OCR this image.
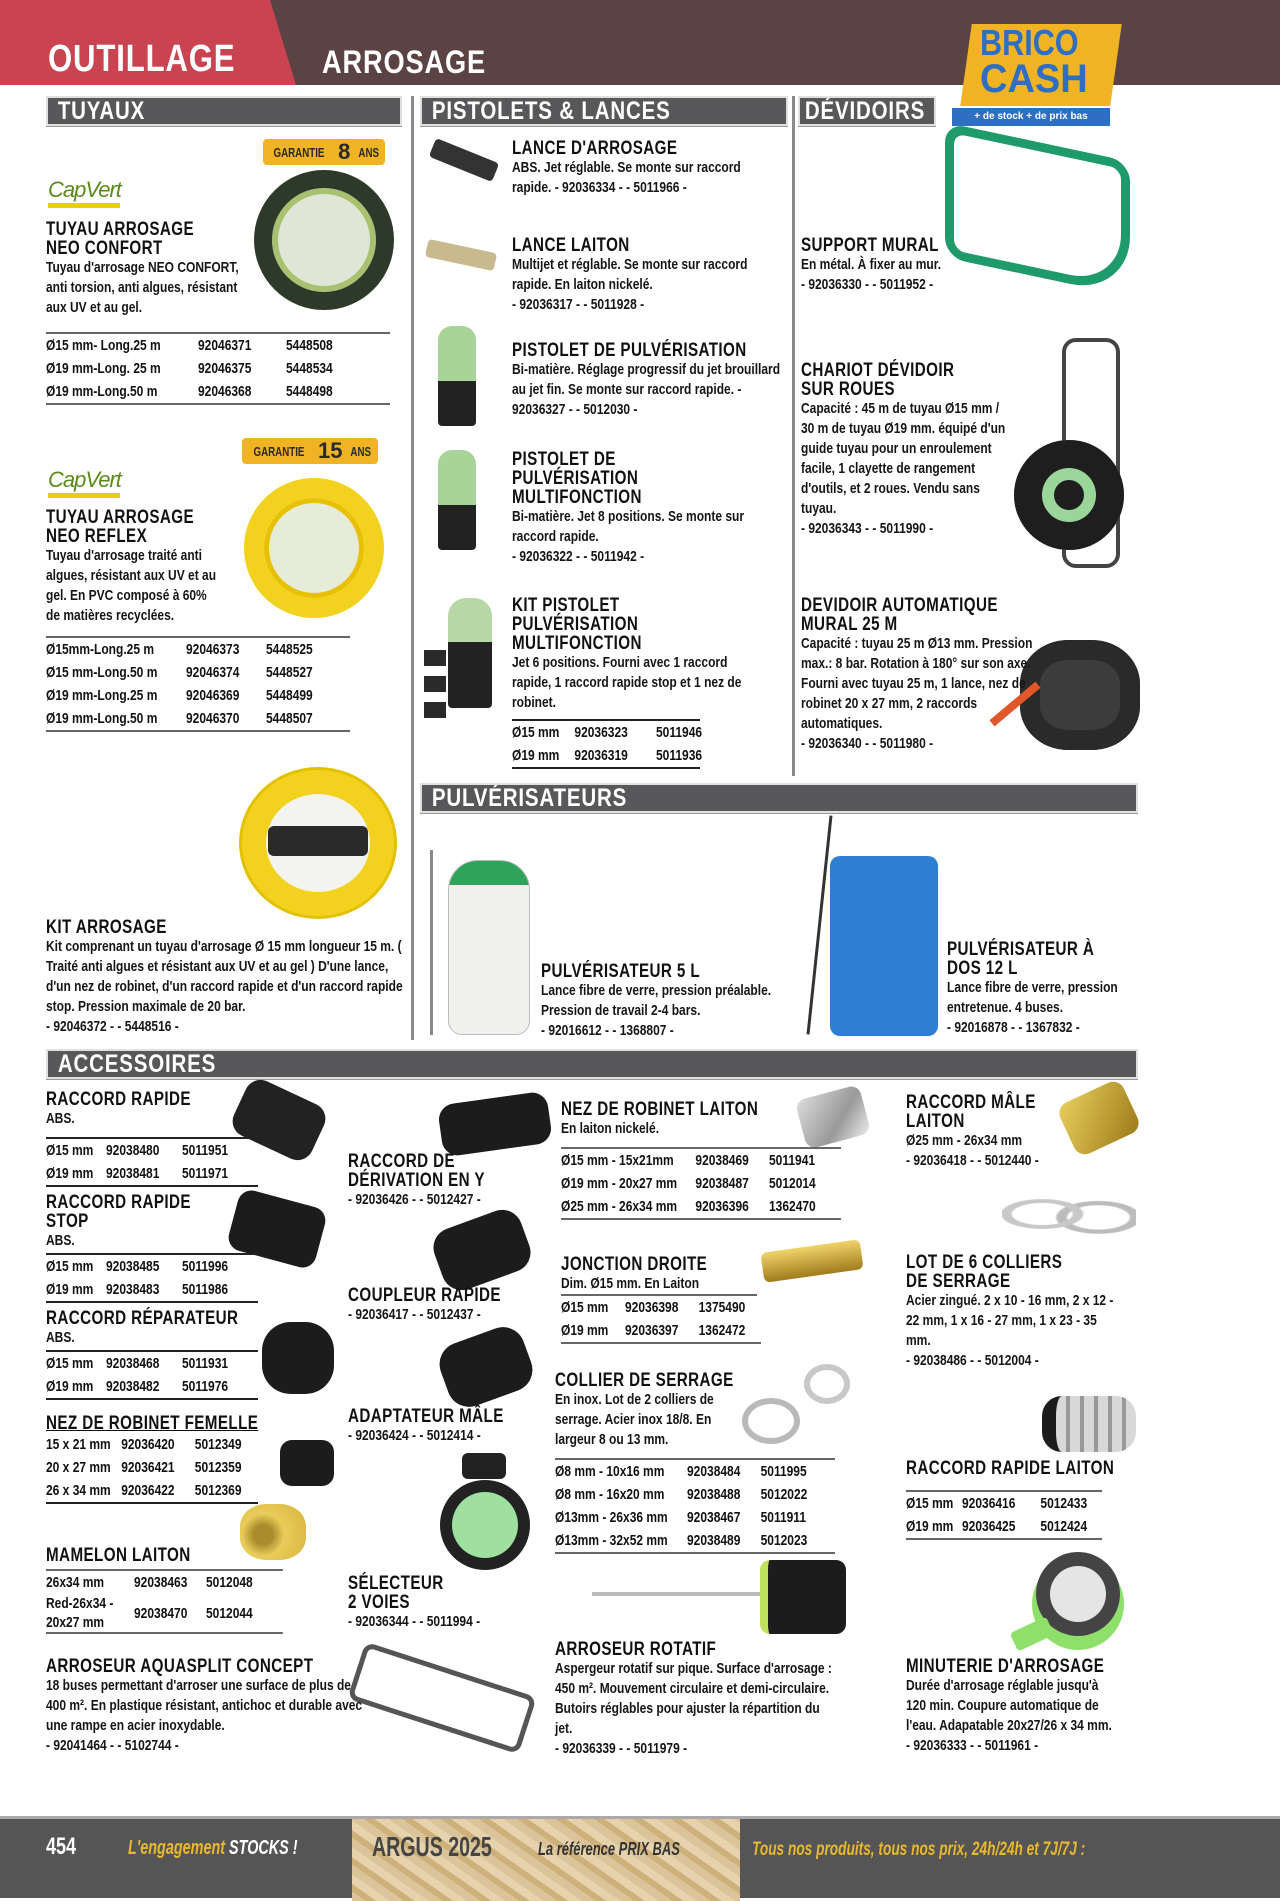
OUTILLAGE	ARROSAGE	BRICO
CASH
+ de stock + de prix bas
TUYAUX	PISTOLETS & LANCES	DÉVIDOIRS
PULVÉRISATEURS
ACCESSOIRES
GARANTIE 8 ANS
CapVert
TUYAU ARROSAGE NEO CONFORT
Tuyau d'arrosage NEO CONFORT, anti torsion, anti algues, résistant aux UV et au gel.
Ø15 mm- Long.25 m	92046371	5448508
Ø19 mm-Long. 25 m	92046375	5448534
Ø19 mm-Long.50 m	92046368	5448498
GARANTIE 15 ANS
CapVert
TUYAU ARROSAGE NEO REFLEX
Tuyau d'arrosage traité anti algues, résistant aux UV et au gel. En PVC composé à 60% de matières recyclées.
Ø15mm-Long.25 m	92046373	5448525
Ø15 mm-Long.50 m	92046374	5448527
Ø19 mm-Long.25 m	92046369	5448499
Ø19 mm-Long.50 m	92046370	5448507
KIT ARROSAGE
Kit comprenant un tuyau d'arrosage Ø 15 mm longueur 15 m. ( Traité anti algues et résistant aux UV et au gel ) D'une lance, d'un nez de robinet, d'un raccord rapide et d'un raccord rapide stop. Pression maximale de 20 bar.
- 92046372 - - 5448516 -
LANCE D'ARROSAGE
ABS. Jet réglable. Se monte sur raccord rapide. - 92036334 - - 5011966 -
LANCE LAITON
Multijet et réglable. Se monte sur raccord rapide. En laiton nickelé.
- 92036317 - - 5011928 -
PISTOLET DE PULVÉRISATION
Bi-matière. Réglage progressif du jet brouillard au jet fin. Se monte sur raccord rapide. - 92036327 - - 5012030 -
PISTOLET DE PULVÉRISATION MULTIFONCTION
Bi-matière. Jet 8 positions. Se monte sur raccord rapide.
- 92036322 - - 5011942 -
KIT PISTOLET PULVÉRISATION MULTIFONCTION
Jet 6 positions. Fourni avec 1 raccord rapide, 1 raccord rapide stop et 1 nez de robinet.
Ø15 mm	92036323	5011946
Ø19 mm	92036319	5011936
SUPPORT MURAL
En métal. À fixer au mur.
- 92036330 - - 5011952 -
CHARIOT DÉVIDOIR SUR ROUES
Capacité : 45 m de tuyau Ø15 mm / 30 m de tuyau Ø19 mm. équipé d'un guide tuyau pour un enroulement facile, 1 clayette de rangement d'outils, et 2 roues. Vendu sans tuyau.
- 92036343 - - 5011990 -
DEVIDOIR AUTOMATIQUE MURAL 25 M
Capacité : tuyau 25 m Ø13 mm. Pression max.: 8 bar. Rotation à 180° sur son axe. Fourni avec tuyau 25 m, 1 lance, nez de robinet 20 x 27 mm, 2 raccords automatiques.
- 92036340 - - 5011980 -
PULVÉRISATEUR 5 L
Lance fibre de verre, pression préalable. Pression de travail 2-4 bars.
- 92016612 - - 1368807 -
PULVÉRISATEUR À DOS 12 L
Lance fibre de verre, pression entretenue. 4 buses.
- 92016878 - - 1367832 -
RACCORD RAPIDE
ABS.
Ø15 mm 92038480	5011951
Ø19 mm 92038481	5011971
RACCORD RAPIDE STOP
ABS.
Ø15 mm 92038485	5011996
Ø19 mm 92038483	5011986
RACCORD RÉPARATEUR
ABS.
Ø15 mm 92038468	5011931
Ø19 mm 92038482	5011976
NEZ DE ROBINET FEMELLE
15 x 21 mm 92036420	5012349
20 x 27 mm 92036421	5012359
26 x 34 mm 92036422	5012369
MAMELON LAITON
26x34 mm	92038463	5012048
Red-26x34 - 20x27 mm
92038470	5012044
ARROSEUR AQUASPLIT CONCEPT
18 buses permettant d'arroser une surface de plus de 400 m². En plastique résistant, antichoc et durable avec une rampe en acier inoxydable.
- 92041464 - - 5102744 -
RACCORD DE DÉRIVATION EN Y
- 92036426 - - 5012427 -
COUPLEUR RAPIDE
- 92036417 - - 5012437 -
ADAPTATEUR MÂLE
- 92036424 - - 5012414 -
SÉLECTEUR 2 VOIES
- 92036344 - - 5011994 -
NEZ DE ROBINET LAITON
En laiton nickelé.
Ø15 mm - 15x21mm	92038469	5011941
Ø19 mm - 20x27 mm	92038487	5012014
Ø25 mm - 26x34 mm	92036396	1362470
JONCTION DROITE
Dim. Ø15 mm. En Laiton
Ø15 mm	92036398	1375490
Ø19 mm	92036397	1362472
COLLIER DE SERRAGE
En inox. Lot de 2 colliers de serrage. Acier inox 18/8. En largeur 8 ou 13 mm.
Ø8 mm - 10x16 mm	92038484	5011995
Ø8 mm - 16x20 mm	92038488	5012022
Ø13mm - 26x36 mm	92038467	5011911
Ø13mm - 32x52 mm	92038489	5012023
ARROSEUR ROTATIF
Aspergeur rotatif sur pique. Surface d'arrosage : 450 m². Mouvement circulaire et demi-circulaire. Butoirs réglables pour ajuster la répartition du jet.
- 92036339 - - 5011979 -
RACCORD MÂLE LAITON
Ø25 mm - 26x34 mm
- 92036418 - - 5012440 -
LOT DE 6 COLLIERS DE SERRAGE
Acier zingué. 2 x 10 - 16 mm, 2 x 12 - 22 mm, 1 x 16 - 27 mm, 1 x 23 - 35 mm.
- 92038486 - - 5012004 -
RACCORD RAPIDE LAITON
Ø15 mm 92036416	5012433
Ø19 mm 92036425	5012424
MINUTERIE D'ARROSAGE
Durée d'arrosage réglable jusqu'à 120 min. Coupure automatique de l'eau. Adapatable 20x27/26 x 34 mm.
- 92036333 - - 5011961 -
454	L'engagement STOCKS !	ARGUS 2025	La référence PRIX BAS	Tous nos produits, tous nos prix, 24h/24h et 7J/7J :
